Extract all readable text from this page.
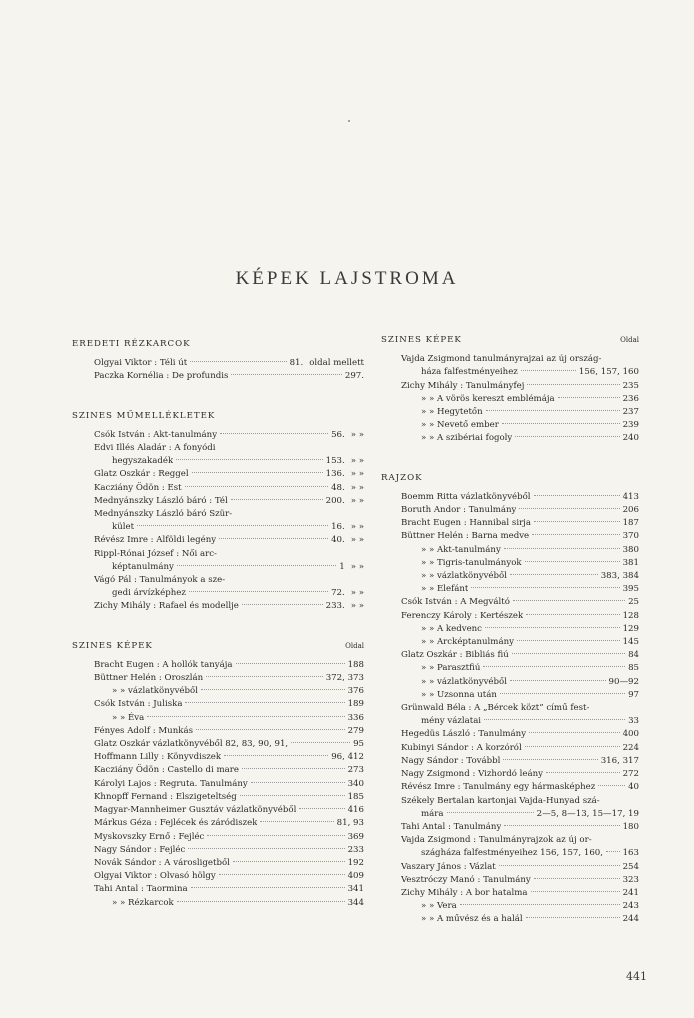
KÉPEK LAJSTROMA
EREDETI RÉZKARCOK
Olgyai Viktor : Téli út	81. oldal mellett
Paczka Kornélia : De profundis	297.
SZINES MŰMELLÉKLETEK
Csók István : Akt-tanulmány	56. » »
Edvi Illés Aladár : A fonyódi
hegyszakadék	153. » »
Glatz Oszkár : Reggel	136. » »
Kacziány Ödön : Est	48. » »
Mednyánszky László báró : Tél	200. » »
Mednyánszky László báró Szür-
kület	16. » »
Révész Imre : Alföldi legény	40. » »
Rippl-Rónai József : Női arc-
képtanulmány	1 » »
Vágó Pál : Tanulmányok a sze-
gedi árvízképhez	72. » »
Zichy Mihály : Rafael és modellje	233. » »
SZINES KÉPEK	Oldal
Bracht Eugen : A hollók tanyája	188
Büttner Helén : Oroszlán	372, 373
» » vázlatkönyvéből	376
Csók István : Juliska	189
» » Éva	336
Fényes Adolf : Munkás	279
Glatz Oszkár vázlatkönyvéből 82, 83, 90, 91,	95
Hoffmann Lilly : Könyvdiszek	96, 412
Kacziány Ödön : Castello di mare	273
Károlyi Lajos : Regruta. Tanulmány	340
Khnopff Fernand : Elszigeteltség	185
Magyar-Mannheimer Gusztáv vázlatkönyvéből	416
Márkus Géza : Fejlécek és záródiszek	81, 93
Myskovszky Ernő : Fejléc	369
Nagy Sándor : Fejléc	233
Novák Sándor : A városligetből	192
Olgyai Viktor : Olvasó hölgy	409
Tahi Antal : Taormina	341
» » Rézkarcok	344
SZINES KÉPEK	Oldal
Vajda Zsigmond tanulmányrajzai az új ország-
háza falfestményeihez	156, 157, 160
Zichy Mihály : Tanulmányfej	235
» » A vörös kereszt emblémája	236
» » Hegytetőn	237
» » Nevető ember	239
» » A szibériai fogoly	240
RAJZOK
Boemm Ritta vázlatkönyvéből	413
Boruth Andor : Tanulmány	206
Bracht Eugen : Hannibal sirja	187
Büttner Helén : Barna medve	370
» » Akt-tanulmány	380
» » Tigris-tanulmányok	381
» » vázlatkönyvéből	383, 384
» » Elefánt	395
Csók István : A Megváltó	25
Ferenczy Károly : Kertészek	128
» » A kedvenc	129
» » Arcképtanulmány	145
Glatz Oszkár : Bibliás fiú	84
» » Parasztfiú	85
» » vázlatkönyvéből	90—92
» » Uzsonna után	97
Grünwald Béla : A „Bércek közt” című fest-
mény vázlatai	33
Hegedüs László : Tanulmány	400
Kubinyi Sándor : A korzóról	224
Nagy Sándor : Továbbl	316, 317
Nagy Zsigmond : Vizhordó leány	272
Révész Imre : Tanulmány egy hármasképhez	40
Székely Bertalan kartonjai Vajda-Hunyad szá-
mára	2—5, 8—13, 15—17, 19
Tahi Antal : Tanulmány	180
Vajda Zsigmond : Tanulmányrajzok az új or-
szágháza falfestményeihez 156, 157, 160, 163
Vaszary János : Vázlat	254
Vesztróczy Manó : Tanulmány	323
Zichy Mihály : A bor hatalma	241
» » Vera	243
» » A művész és a halál	244
441
